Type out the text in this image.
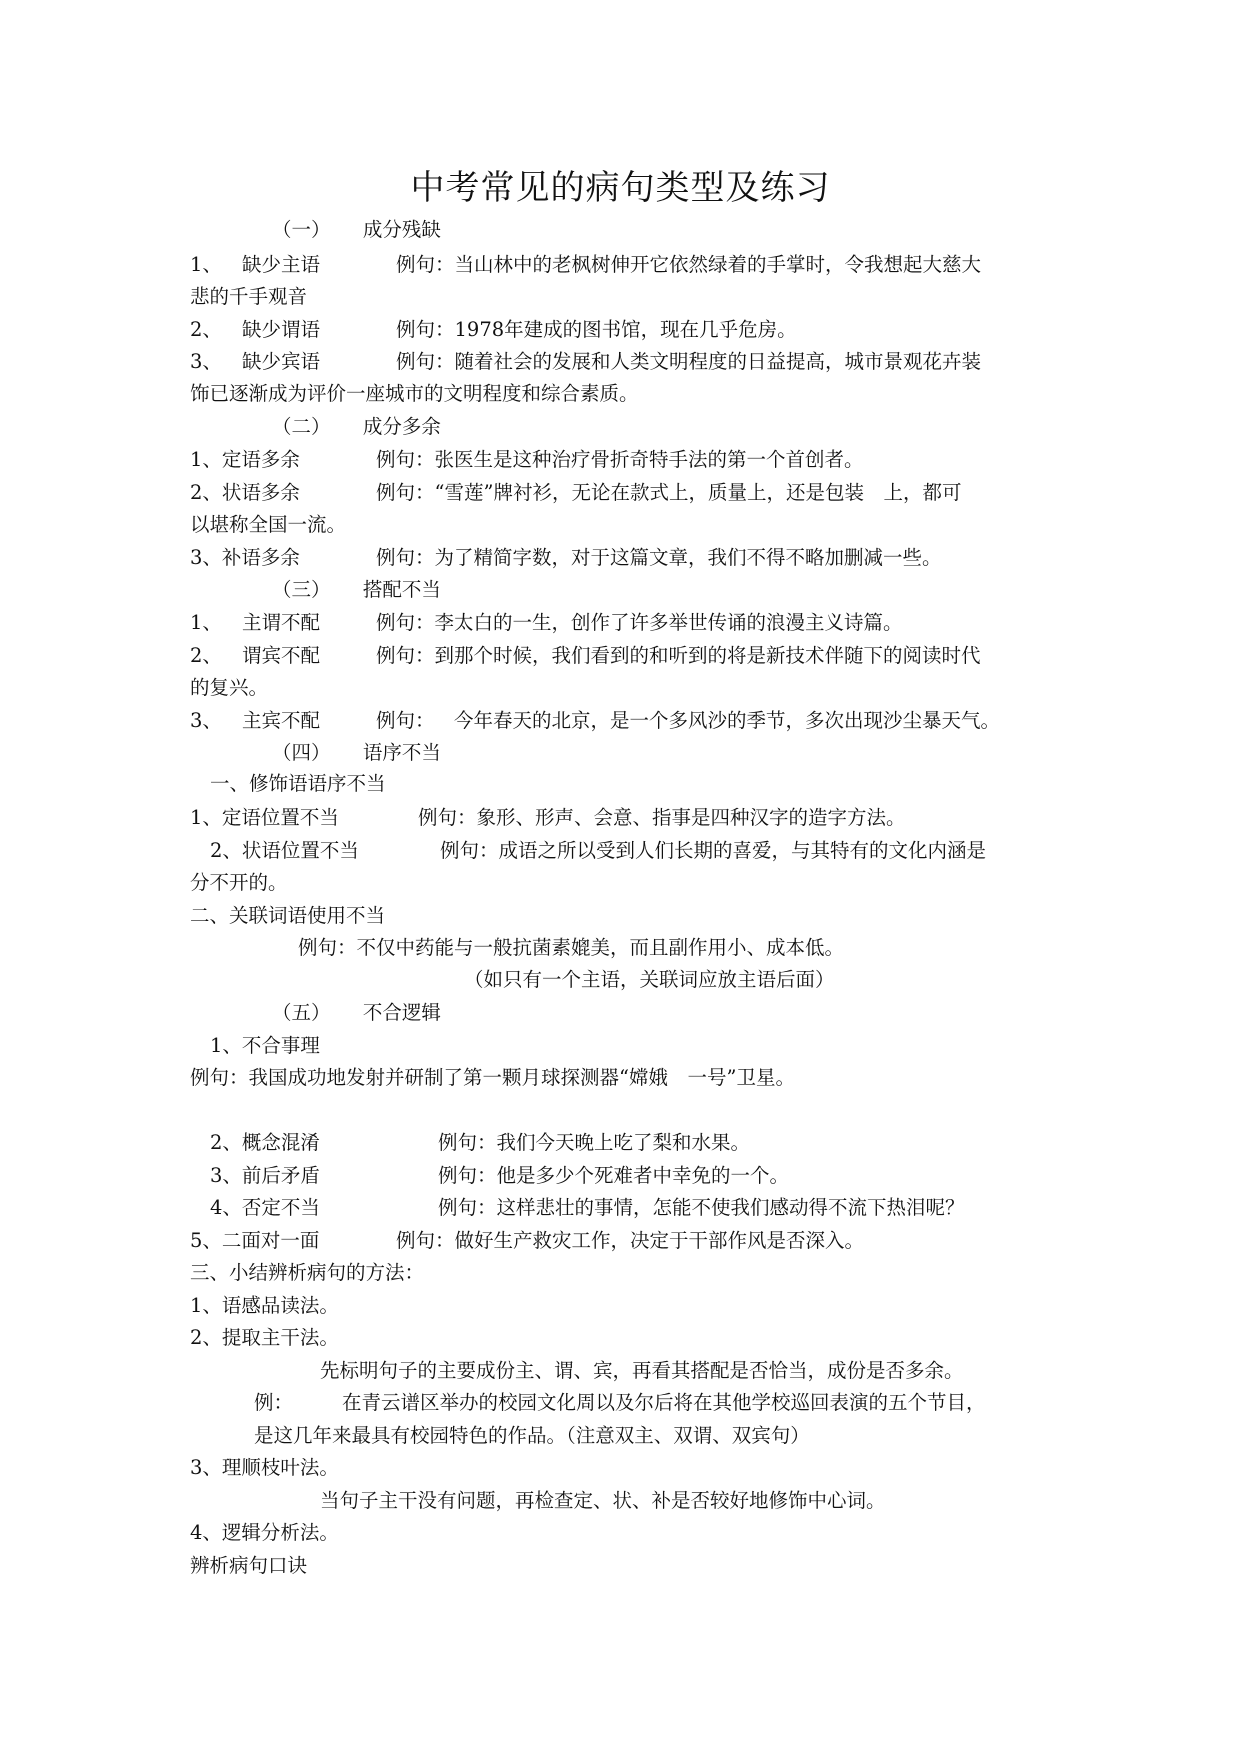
中考常见的病句类型及练习
（一） 成分残缺
1、 缺少主语	例句：当山林中的老枫树伸开它依然绿着的手掌时，令我想起大慈大
悲的千手观音
2、 缺少谓语	例句：1978年建成的图书馆，现在几乎危房。
3、 缺少宾语	例句：随着社会的发展和人类文明程度的日益提高，城市景观花卉装
饰已逐渐成为评价一座城市的文明程度和综合素质。
（二） 成分多余
1、定语多余	例句：张医生是这种治疗骨折奇特手法的第一个首创者。
2、状语多余	例句：“雪莲”牌衬衫，无论在款式上，质量上，还是包装　上，都可
以堪称全国一流。
3、补语多余	例句：为了精简字数，对于这篇文章，我们不得不略加删减一些。
（三） 搭配不当
1、 主谓不配	例句：李太白的一生，创作了许多举世传诵的浪漫主义诗篇。
2、 谓宾不配	例句：到那个时候，我们看到的和听到的将是新技术伴随下的阅读时代
的复兴。
3、 主宾不配	例句： 今年春天的北京，是一个多风沙的季节，多次出现沙尘暴天气。
（四） 语序不当
一、修饰语语序不当
1、定语位置不当	例句：象形、形声、会意、指事是四种汉字的造字方法。
2、状语位置不当	例句：成语之所以受到人们长期的喜爱，与其特有的文化内涵是
分不开的。
二、关联词语使用不当
例句：不仅中药能与一般抗菌素媲美，而且副作用小、成本低。
（如只有一个主语，关联词应放主语后面）
（五） 不合逻辑
1、不合事理
例句：我国成功地发射并研制了第一颗月球探测器“嫦娥　一号”卫星。
2、概念混淆	例句：我们今天晚上吃了梨和水果。
3、前后矛盾	例句：他是多少个死难者中幸免的一个。
4、否定不当	例句：这样悲壮的事情，怎能不使我们感动得不流下热泪呢？
5、二面对一面	例句：做好生产救灾工作，决定于干部作风是否深入。
三、小结辨析病句的方法：
1、语感品读法。
2、提取主干法。
先标明句子的主要成份主、谓、宾，再看其搭配是否恰当，成份是否多余。
例：	在青云谱区举办的校园文化周以及尔后将在其他学校巡回表演的五个节目，
是这几年来最具有校园特色的作品。（注意双主、双谓、双宾句）
3、理顺枝叶法。
当句子主干没有问题，再检查定、状、补是否较好地修饰中心词。
4、逻辑分析法。
辨析病句口诀
